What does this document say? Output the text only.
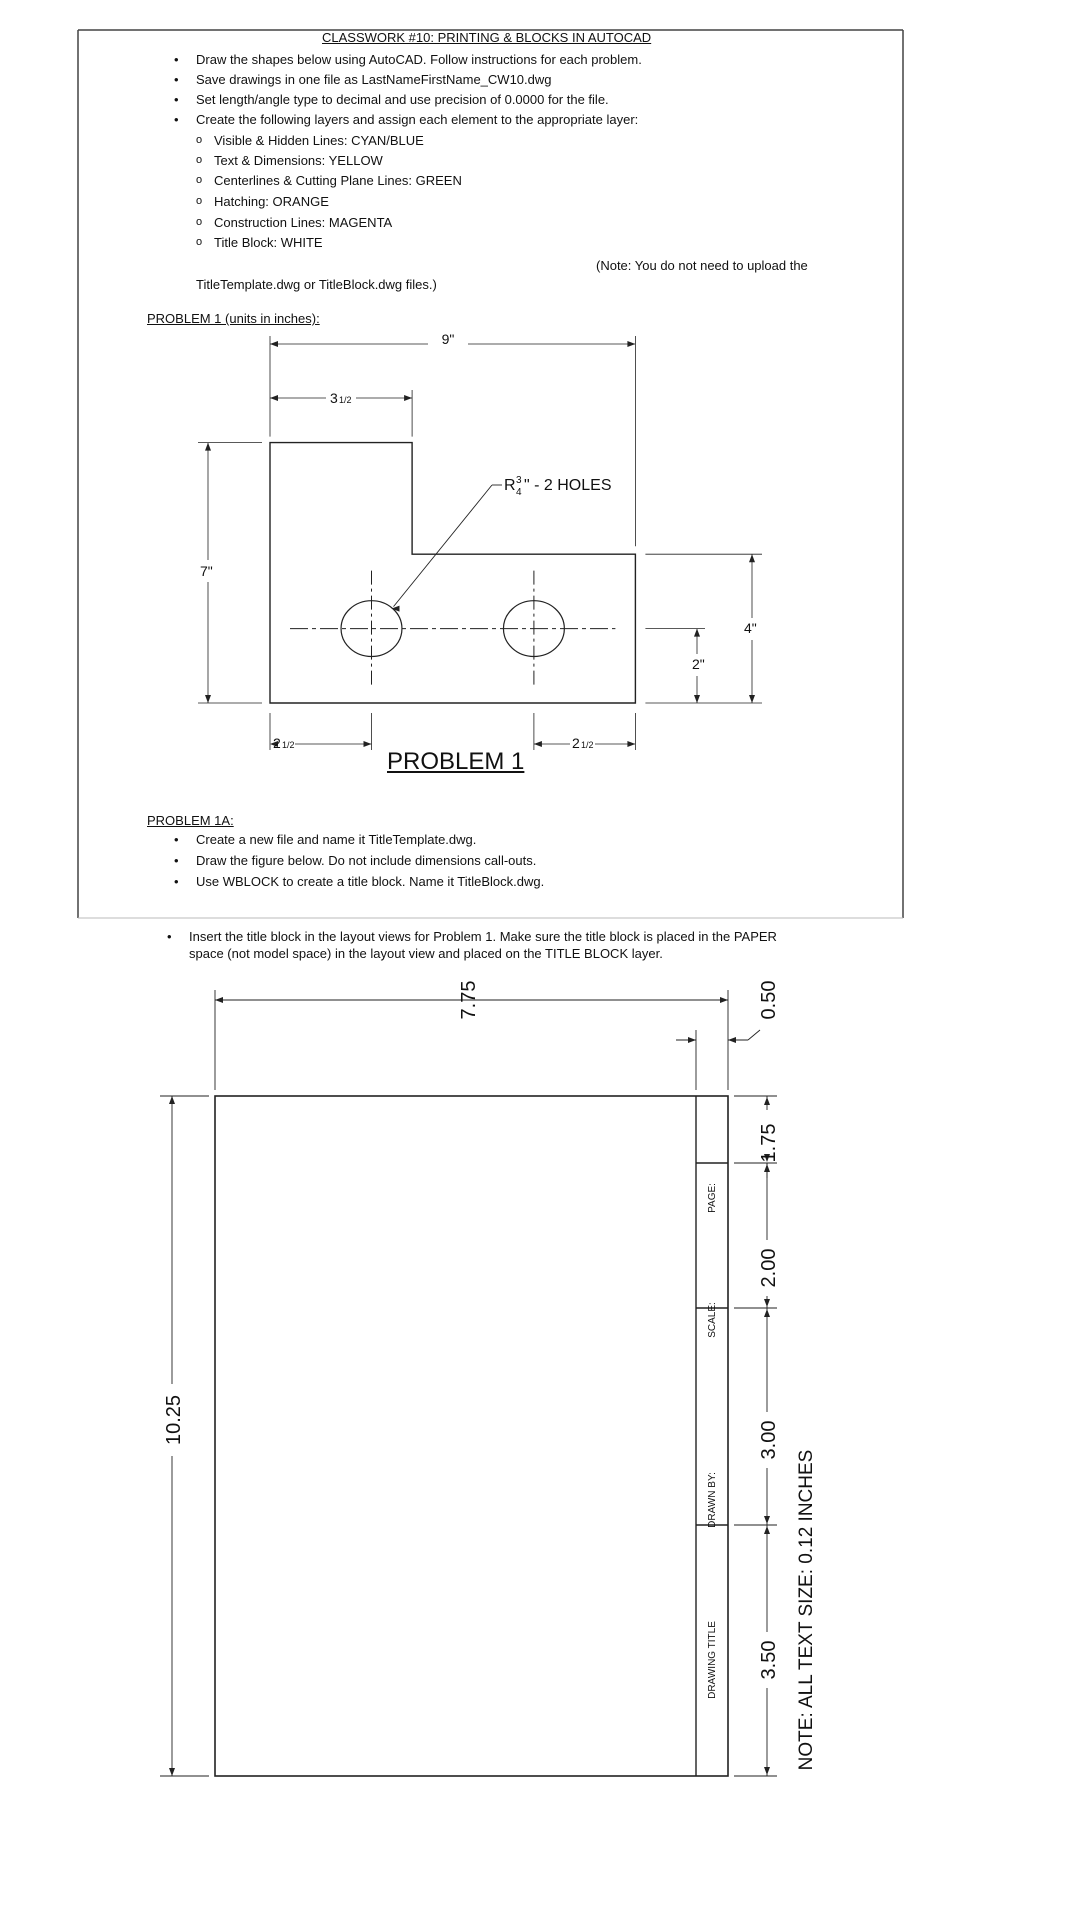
9"
3 1/2
2 1/2	2 1/2
7"
4"
2"
R 3
4 " - 2 HOLES
7.75
10.25
0.50
1.75
2.00
3.00
3.50
PAGE:
SCALE:
DRAWING TITLE
DRAWN BY:	NOTE: ALL TEXT SIZE: 0.12 INCHES
CLASSWORK #10: PRINTING & BLOCKS IN AUTOCAD
• Draw the shapes below using AutoCAD. Follow instructions for each problem.
• Save drawings in one file as LastNameFirstName_CW10.dwg
• Set length/angle type to decimal and use precision of 0.0000 for the file.
• Create the following layers and assign each element to the appropriate layer:
o Visible & Hidden Lines: CYAN/BLUE
o Text & Dimensions: YELLOW
o Centerlines & Cutting Plane Lines: GREEN
o Hatching: ORANGE
o Construction Lines: MAGENTA
o Title Block: WHITE
(Note: You do not need to upload the
TitleTemplate.dwg or TitleBlock.dwg files.)
PROBLEM 1 (units in inches):
PROBLEM 1
PROBLEM 1A:
• Create a new file and name it TitleTemplate.dwg.
• Draw the figure below. Do not include dimensions call-outs.
• Use WBLOCK to create a title block. Name it TitleBlock.dwg.
• Insert the title block in the layout views for Problem 1. Make sure the title block is placed in the PAPER
space (not model space) in the layout view and placed on the TITLE BLOCK layer.
